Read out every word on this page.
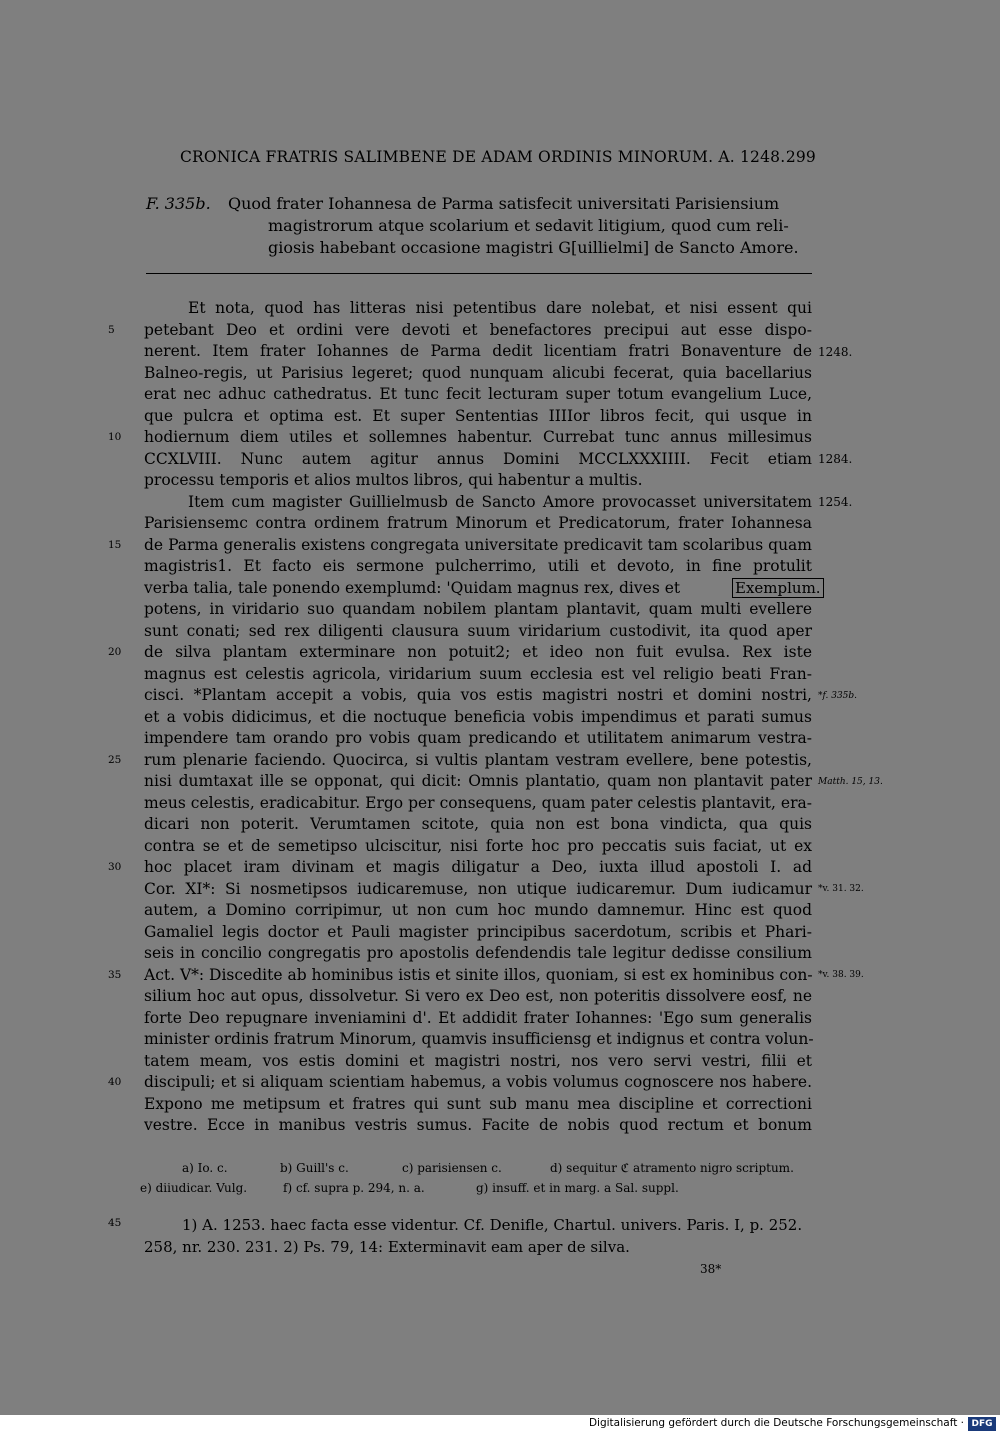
CRONICA FRATRIS SALIMBENE DE ADAM ORDINIS MINORUM. A. 1248. 299
F. 335b. Quod frater Iohannesa de Parma satisfecit universitati Parisiensium
magistrorum atque scolarium et sedavit litigium, quod cum reli-
giosis habebant occasione magistri G[uillielmi] de Sancto Amore.
Et nota, quod has litteras nisi petentibus dare nolebat, et nisi essent qui
petebant Deo et ordini vere devoti et benefactores precipui aut esse dispo-
nerent. Item frater Iohannes de Parma dedit licentiam fratri Bonaventure de
Balneo-regis, ut Parisius legeret; quod nunquam alicubi fecerat, quia bacellarius
erat nec adhuc cathedratus. Et tunc fecit lecturam super totum evangelium Luce,
que pulcra et optima est. Et super Sententias IIIIor libros fecit, qui usque in
hodiernum diem utiles et sollemnes habentur. Currebat tunc annus millesimus
CCXLVIII. Nunc autem agitur annus Domini MCCLXXXIIII. Fecit etiam
processu temporis et alios multos libros, qui habentur a multis.
Item cum magister Guillielmusb de Sancto Amore provocasset universitatem
Parisiensemc contra ordinem fratrum Minorum et Predicatorum, frater Iohannesa
de Parma generalis existens congregata universitate predicavit tam scolaribus quam
magistris1. Et facto eis sermone pulcherrimo, utili et devoto, in fine protulit
verba talia, tale ponendo exemplumd: 'Quidam magnus rex, dives et
potens, in viridario suo quandam nobilem plantam plantavit, quam multi evellere
sunt conati; sed rex diligenti clausura suum viridarium custodivit, ita quod aper
de silva plantam exterminare non potuit2; et ideo non fuit evulsa. Rex iste
magnus est celestis agricola, viridarium suum ecclesia est vel religio beati Fran-
cisci. *Plantam accepit a vobis, quia vos estis magistri nostri et domini nostri,
et a vobis didicimus, et die noctuque beneficia vobis impendimus et parati sumus
impendere tam orando pro vobis quam predicando et utilitatem animarum vestra-
rum plenarie faciendo. Quocirca, si vultis plantam vestram evellere, bene potestis,
nisi dumtaxat ille se opponat, qui dicit: Omnis plantatio, quam non plantavit pater
meus celestis, eradicabitur. Ergo per consequens, quam pater celestis plantavit, era-
dicari non poterit. Verumtamen scitote, quia non est bona vindicta, qua quis
contra se et de semetipso ulciscitur, nisi forte hoc pro peccatis suis faciat, ut ex
hoc placet iram divinam et magis diligatur a Deo, iuxta illud apostoli I. ad
Cor. XI*: Si nosmetipsos iudicaremuse, non utique iudicaremur. Dum iudicamur
autem, a Domino corripimur, ut non cum hoc mundo damnemur. Hinc est quod
Gamaliel legis doctor et Pauli magister principibus sacerdotum, scribis et Phari-
seis in concilio congregatis pro apostolis defendendis tale legitur dedisse consilium
Act. V*: Discedite ab hominibus istis et sinite illos, quoniam, si est ex hominibus con-
silium hoc aut opus, dissolvetur. Si vero ex Deo est, non poteritis dissolvere eosf, ne
forte Deo repugnare inveniamini d'. Et addidit frater Iohannes: 'Ego sum generalis
minister ordinis fratrum Minorum, quamvis insufficiensg et indignus et contra volun-
tatem meam, vos estis domini et magistri nostri, nos vero servi vestri, filii et
discipuli; et si aliquam scientiam habemus, a vobis volumus cognoscere nos habere.
Expono me metipsum et fratres qui sunt sub manu mea discipline et correctioni
vestre. Ecce in manibus vestris sumus. Facite de nobis quod rectum et bonum
5
10
15
20
25
30
35
40
45
1248.
1284.
1254.
Exemplum.
*f. 335b.
Matth. 15, 13.
*v. 31. 32.
*v. 38. 39.
a) Io. c.	b) Guill's c.	c) parisiensen c.	d) sequitur ℭ atramento nigro scriptum.
e) diiudicar. Vulg.	f) cf. supra p. 294, n. a.	g) insuff. et in marg. a Sal. suppl.
1) A. 1253. haec facta esse videntur. Cf. Denifle, Chartul. univers. Paris. I, p. 252.
258, nr. 230. 231. 2) Ps. 79, 14: Exterminavit eam aper de silva.
38*
Digitalisierung gefördert durch die Deutsche Forschungsgemeinschaft · DFG
